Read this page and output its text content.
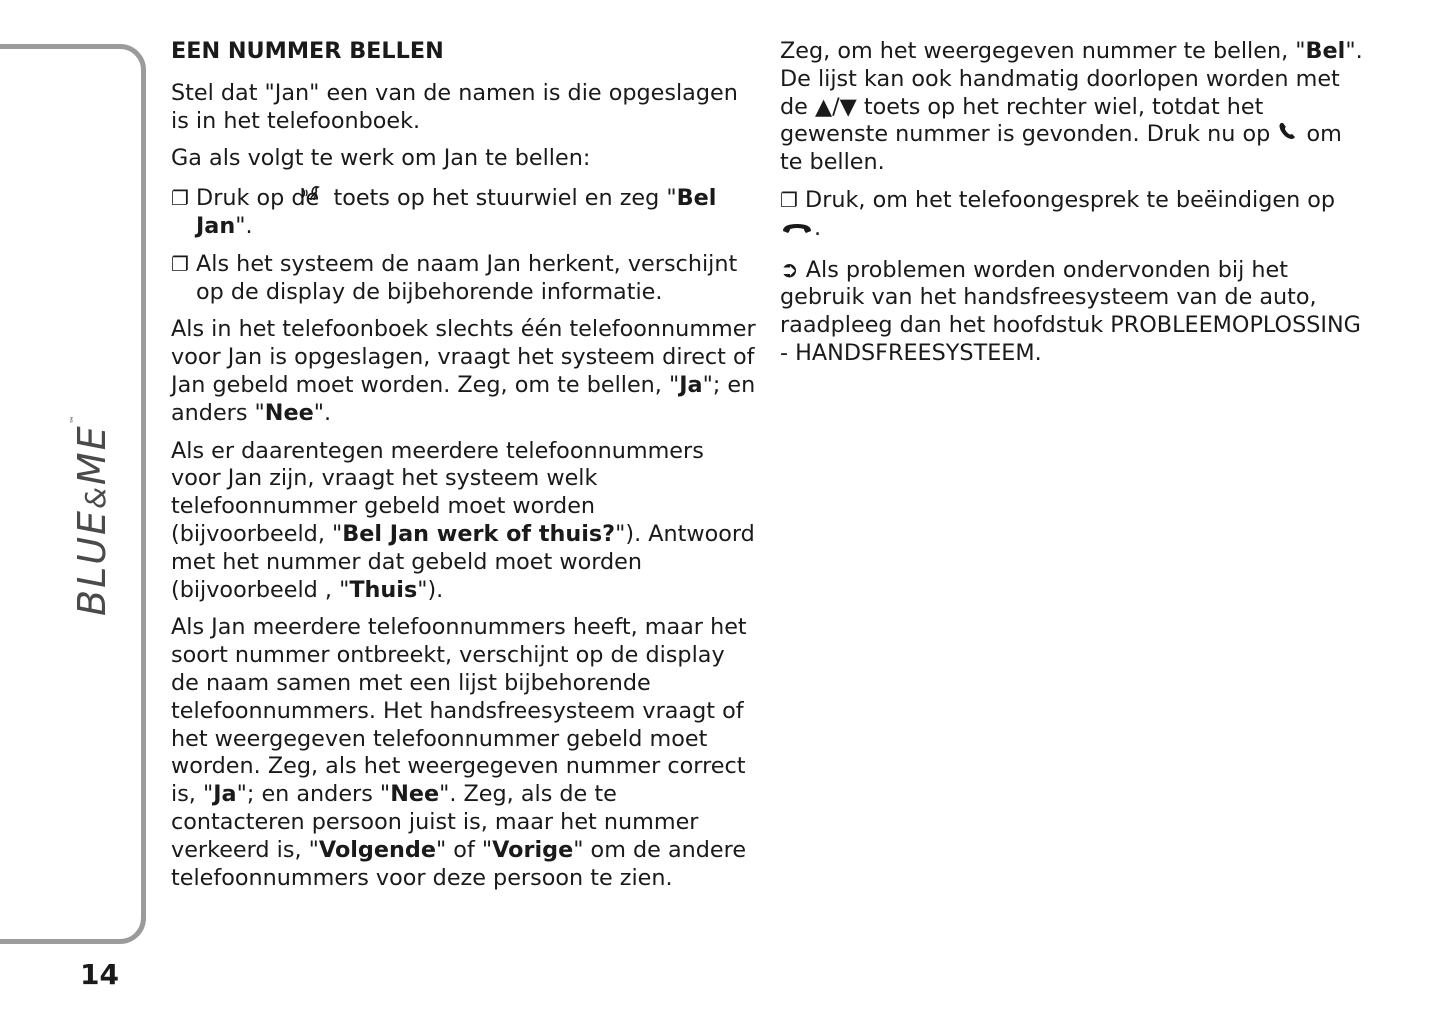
BLUE&ME™
14

EEN NUMMER BELLEN

Stel dat "Jan" een van de namen is die opgeslagen is in het telefoonboek.

Ga als volgt te werk om Jan te bellen:

❐ Druk op de toets op het stuurwiel en zeg "Bel Jan".

❐ Als het systeem de naam Jan herkent, verschijnt op de display de bijbehorende informatie.

Als in het telefoonboek slechts één telefoonnummer voor Jan is opgeslagen, vraagt het systeem direct of Jan gebeld moet worden. Zeg, om te bellen, "Ja"; en anders "Nee".

Als er daarentegen meerdere telefoonnummers voor Jan zijn, vraagt het systeem welk telefoonnummer gebeld moet worden (bijvoorbeeld, "Bel Jan werk of thuis?"). Antwoord met het nummer dat gebeld moet worden (bijvoorbeeld , "Thuis").

Als Jan meerdere telefoonnummers heeft, maar het soort nummer ontbreekt, verschijnt op de display de naam samen met een lijst bijbehorende telefoonnummers. Het handsfreesysteem vraagt of het weergegeven telefoonnummer gebeld moet worden. Zeg, als het weergegeven nummer correct is, "Ja"; en anders "Nee". Zeg, als de te contacteren persoon juist is, maar het nummer verkeerd is, "Volgende" of "Vorige" om de andere telefoonnummers voor deze persoon te zien.

Zeg, om het weergegeven nummer te bellen, "Bel". De lijst kan ook handmatig doorlopen worden met de ▲/▼ toets op het rechter wiel, totdat het gewenste nummer is gevonden. Druk nu op  om te bellen.

❐ Druk, om het telefoongesprek te beëindigen op
.

➲ Als problemen worden ondervonden bij het gebruik van het handsfreesysteem van de auto, raadpleeg dan het hoofdstuk PROBLEEMOPLOSSING - HANDSFREESYSTEEM.
